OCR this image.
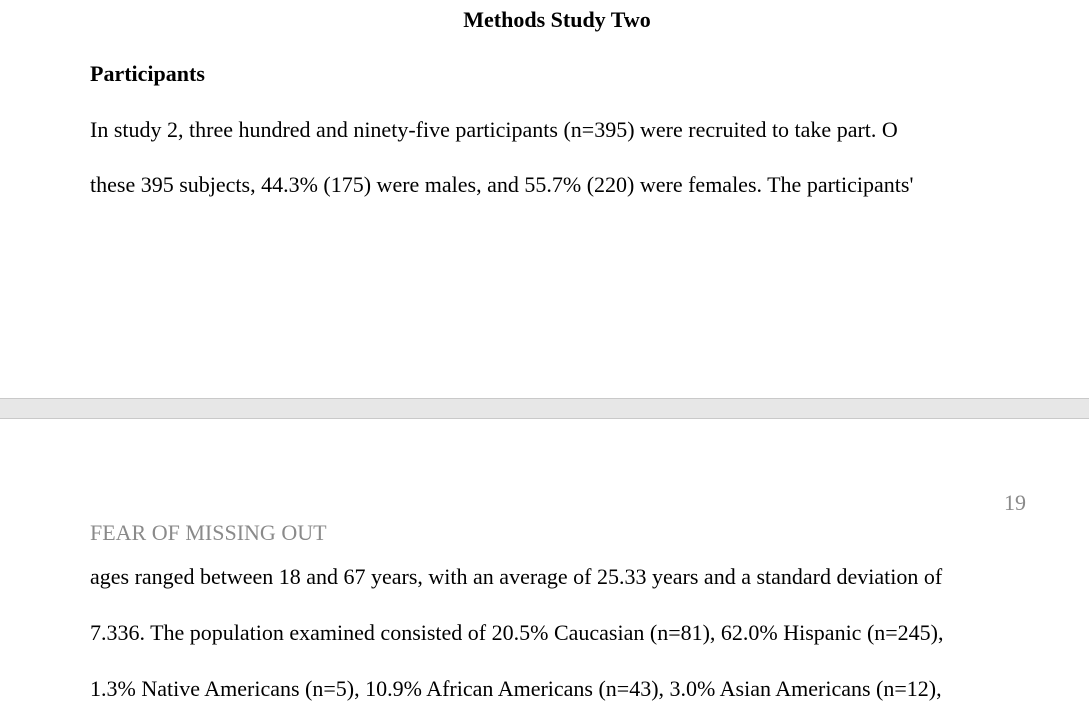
Methods Study Two
Participants
In study 2, three hundred and ninety-five participants (n=395) were recruited to take part. O
these 395 subjects, 44.3% (175) were males, and 55.7% (220) were females. The participants'
19
FEAR OF MISSING OUT
ages ranged between 18 and 67 years, with an average of 25.33 years and a standard deviation of
7.336. The population examined consisted of 20.5% Caucasian (n=81), 62.0% Hispanic (n=245),
1.3% Native Americans (n=5), 10.9% African Americans (n=43), 3.0% Asian Americans (n=12),
